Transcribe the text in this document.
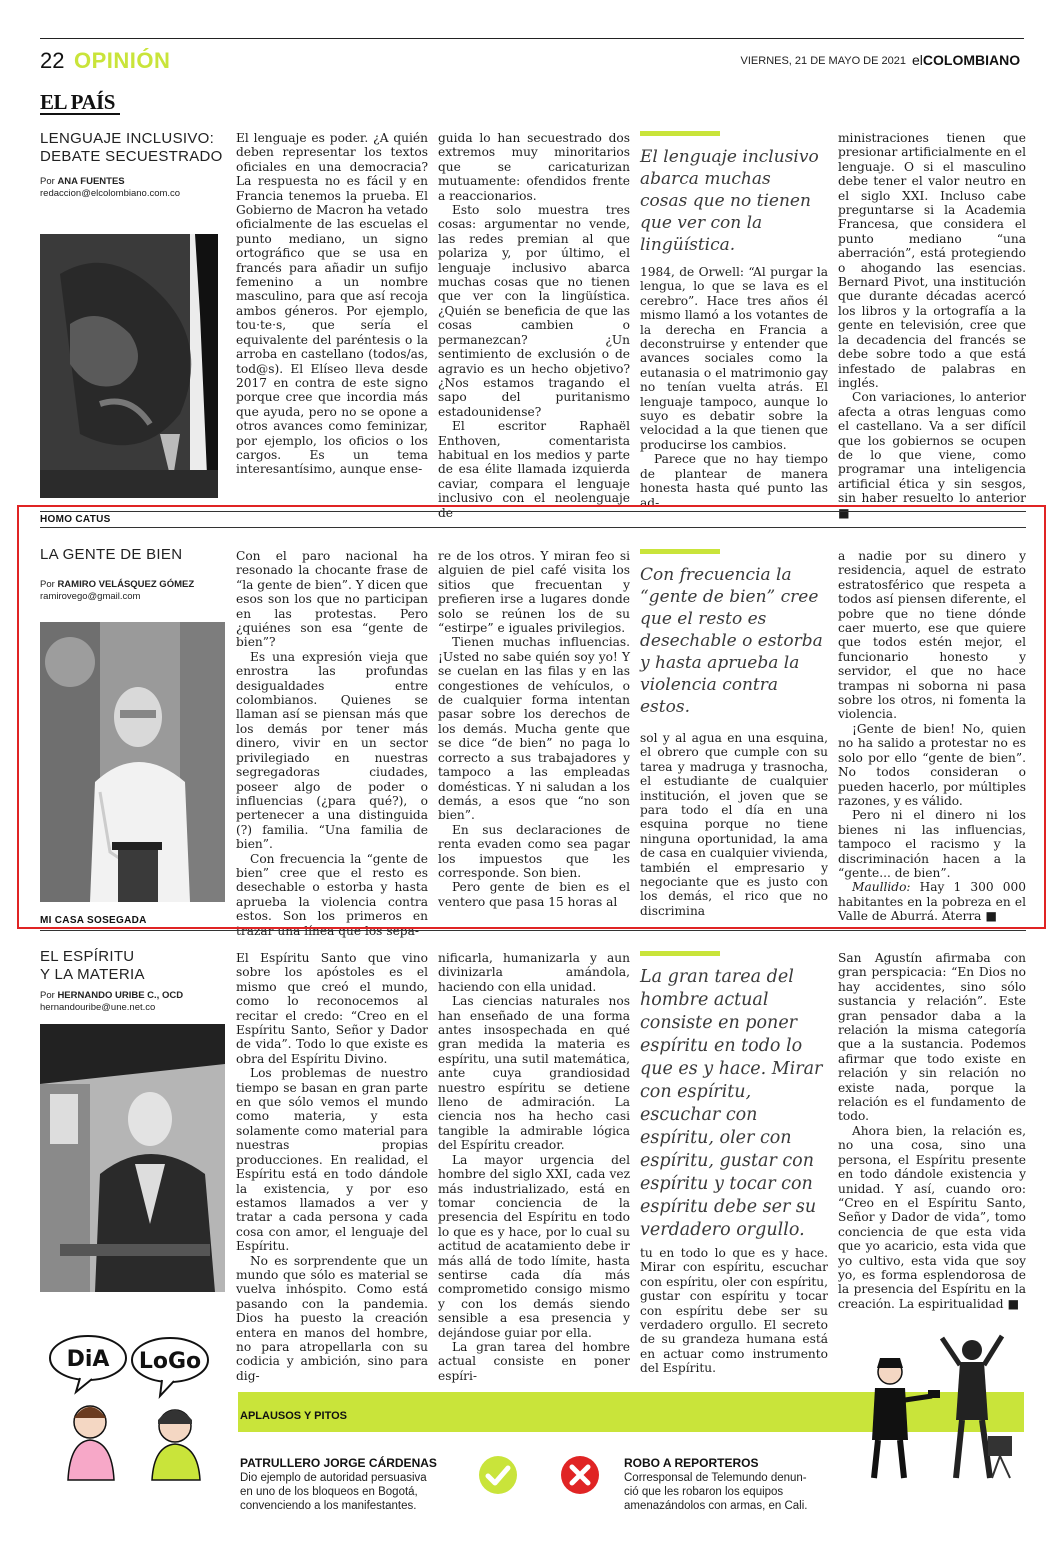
22 OPINIÓN	VIERNES, 21 DE MAYO DE 2021 elCOLOMBIANO
EL PAÍS
LENGUAJE INCLUSIVO:
DEBATE SECUESTRADO
Por ANA FUENTES
redaccion@elcolombiano.com.co

El lenguaje es poder. ¿A quién deben representar los textos oficiales en una democracia? La respuesta no es fácil y en Francia tenemos la prueba. El Gobierno de Macron ha vetado oficialmente de las escuelas el punto mediano, un signo ortográfico que se usa en francés para añadir un sufijo femenino a un nombre masculino, para que así recoja ambos géneros. Por ejemplo, tou·te·s, que sería el equivalente del paréntesis o la arroba en castellano (todos/as, tod@s). El Elíseo lleva desde 2017 en contra de este signo porque cree que incordia más que ayuda, pero no se opone a otros avances como feminizar, por ejemplo, los oficios o los cargos. Es un tema interesantísimo, aunque ense-

guida lo han secuestrado dos extremos muy minoritarios que se caricaturizan mutuamente: ofendidos frente a reaccionarios.

Esto solo muestra tres cosas: argumentar no vende, las redes premian al que polariza y, por último, el lenguaje inclusivo abarca muchas cosas que no tienen que ver con la lingüística. ¿Quién se beneficia de que las cosas cambien o permanezcan? ¿Un sentimiento de exclusión o de agravio es un hecho objetivo? ¿Nos estamos tragando el sapo del puritanismo estadounidense?

El escritor Raphaël Enthoven, comentarista habitual en los medios y parte de esa élite llamada izquierda caviar, compara el lenguaje inclusivo con el neolenguaje de

El lenguaje inclusivo abarca muchas cosas que no tienen que ver con la lingüística.

1984, de Orwell: “Al purgar la lengua, lo que se lava es el cerebro”. Hace tres años él mismo llamó a los votantes de la derecha en Francia a deconstruirse y entender que avances sociales como la eutanasia o el matrimonio gay no tenían vuelta atrás. El lenguaje tampoco, aunque lo suyo es debatir sobre la velocidad a la que tienen que producirse los cambios.

Parece que no hay tiempo de plantear de manera honesta hasta qué punto las ad-

ministraciones tienen que presionar artificialmente en el lenguaje. O si el masculino debe tener el valor neutro en el siglo XXI. Incluso cabe preguntarse si la Academia Francesa, que considera el punto mediano “una aberración”, está protegiendo o ahogando las esencias. Bernard Pivot, una institución que durante décadas acercó los libros y la ortografía a la gente en televisión, cree que la decadencia del francés se debe sobre todo a que está infestado de palabras en inglés.

Con variaciones, lo anterior afecta a otras lenguas como el castellano. Va a ser difícil que los gobiernos se ocupen de lo que viene, como programar una inteligencia artificial ética y sin sesgos, sin haber resuelto lo anterior ■

HOMO CATUS
LA GENTE DE BIEN
Por RAMIRO VELÁSQUEZ GÓMEZ
ramirovego@gmail.com

Con el paro nacional ha resonado la chocante frase de “la gente de bien”. Y dicen que esos son los que no participan en las protestas. Pero ¿quiénes son esa “gente de bien”?

Es una expresión vieja que enrostra las profundas desigualdades entre colombianos. Quienes se llaman así se piensan más que los demás por tener más dinero, vivir en un sector privilegiado en nuestras segregadoras ciudades, poseer algo de poder o influencias (¿para qué?), o pertenecer a una distinguida (?) familia. “Una familia de bien”.

Con frecuencia la “gente de bien” cree que el resto es desechable o estorba y hasta aprueba la violencia contra estos. Son los primeros en trazar una línea que los sepa-

re de los otros. Y miran feo si alguien de piel café visita los sitios que frecuentan y prefieren irse a lugares donde solo se reúnen los de su “estirpe” e iguales privilegios.

Tienen muchas influencias. ¡Usted no sabe quién soy yo! Y se cuelan en las filas y en las congestiones de vehículos, o de cualquier forma intentan pasar sobre los derechos de los demás. Mucha gente que se dice “de bien” no paga lo correcto a sus trabajadores y tampoco a las empleadas domésticas. Y ni saludan a los demás, a esos que “no son bien”.

En sus declaraciones de renta evaden como sea pagar los impuestos que les corresponde. Son bien.

Pero gente de bien es el ventero que pasa 15 horas al

Con frecuencia la “gente de bien” cree que el resto es desechable o estorba y hasta aprueba la violencia contra estos.

sol y al agua en una esquina, el obrero que cumple con su tarea y madruga y trasnocha, el estudiante de cualquier institución, el joven que se para todo el día en una esquina porque no tiene ninguna oportunidad, la ama de casa en cualquier vivienda, también el empresario y negociante que es justo con los demás, el rico que no discrimina

a nadie por su dinero y residencia, aquel de estrato estratosférico que respeta a todos así piensen diferente, el pobre que no tiene dónde caer muerto, ese que quiere que todos estén mejor, el funcionario honesto y servidor, el que no hace trampas ni soborna ni pasa sobre los otros, ni fomenta la violencia.

¡Gente de bien! No, quien no ha salido a protestar no es solo por ello “gente de bien”. No todos consideran o pueden hacerlo, por múltiples razones, y es válido.

Pero ni el dinero ni los bienes ni las influencias, tampoco el racismo y la discriminación hacen a la “gente... de bien”.

Maullido: Hay 1 300 000 habitantes en la pobreza en el Valle de Aburrá. Aterra ■

MI CASA SOSEGADA
EL ESPÍRITU
Y LA MATERIA
Por HERNANDO URIBE C., OCD
hernandouribe@une.net.co

El Espíritu Santo que vino sobre los apóstoles es el mismo que creó el mundo, como lo reconocemos al recitar el credo: “Creo en el Espíritu Santo, Señor y Dador de vida”. Todo lo que existe es obra del Espíritu Divino.

Los problemas de nuestro tiempo se basan en gran parte en que sólo vemos el mundo como materia, y esta solamente como material para nuestras propias producciones. En realidad, el Espíritu está en todo dándole la existencia, y por eso estamos llamados a ver y tratar a cada persona y cada cosa con amor, el lenguaje del Espíritu.

No es sorprendente que un mundo que sólo es material se vuelva inhóspito. Como está pasando con la pandemia. Dios ha puesto la creación entera en manos del hombre, no para atropellarla con su codicia y ambición, sino para dig-

nificarla, humanizarla y aun divinizarla amándola, haciendo con ella unidad.

Las ciencias naturales nos han enseñado de una forma antes insospechada en qué gran medida la materia es espíritu, una sutil matemática, ante cuya grandiosidad nuestro espíritu se detiene lleno de admiración. La ciencia nos ha hecho casi tangible la admirable lógica del Espíritu creador.

La mayor urgencia del hombre del siglo XXI, cada vez más industrializado, está en tomar conciencia de la presencia del Espíritu en todo lo que es y hace, por lo cual su actitud de acatamiento debe ir más allá de todo límite, hasta sentirse cada día más comprometido consigo mismo y con los demás siendo sensible a esa presencia y dejándose guiar por ella.

La gran tarea del hombre actual consiste en poner espíri-

La gran tarea del hombre actual consiste en poner espíritu en todo lo que es y hace. Mirar con espíritu, escuchar con espíritu, oler con espíritu, gustar con espíritu y tocar con espíritu debe ser su verdadero orgullo.

tu en todo lo que es y hace. Mirar con espíritu, escuchar con espíritu, oler con espíritu, gustar con espíritu y tocar con espíritu debe ser su verdadero orgullo. El secreto de su grandeza humana está en actuar como instrumento del Espíritu.

San Agustín afirmaba con gran perspicacia: “En Dios no hay accidentes, sino sólo sustancia y relación”. Este gran pensador daba a la relación la misma categoría que a la sustancia. Podemos afirmar que todo existe en relación y sin relación no existe nada, porque la relación es el fundamento de todo.

Ahora bien, la relación es, no una cosa, sino una persona, el Espíritu presente en todo dándole existencia y unidad. Y así, cuando oro: “Creo en el Espíritu Santo, Señor y Dador de vida”, tomo conciencia de que esta vida que yo acaricio, esta vida que yo cultivo, esta vida que soy yo, es forma esplendorosa de la presencia del Espíritu en la creación. La espiritualidad ■

DiA LoGo
APLAUSOS Y PITOS
PATRULLERO JORGE CÁRDENAS
Dio ejemplo de autoridad persuasiva
en uno de los bloqueos en Bogotá,
convenciendo a los manifestantes.
ROBO A REPORTEROS
Corresponsal de Telemundo denun-
ció que les robaron los equipos
amenazándolos con armas, en Cali.
